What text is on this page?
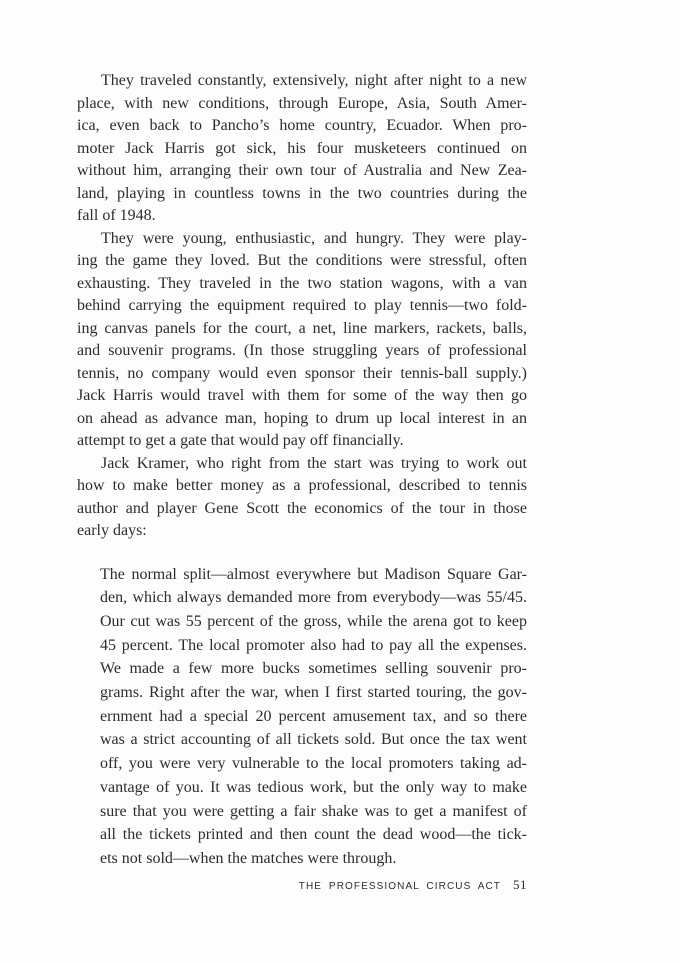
They traveled constantly, extensively, night after night to a new
place, with new conditions, through Europe, Asia, South Amer-
ica, even back to Pancho’s home country, Ecuador. When pro-
moter Jack Harris got sick, his four musketeers continued on
without him, arranging their own tour of Australia and New Zea-
land, playing in countless towns in the two countries during the
fall of 1948.
They were young, enthusiastic, and hungry. They were play-
ing the game they loved. But the conditions were stressful, often
exhausting. They traveled in the two station wagons, with a van
behind carrying the equipment required to play tennis—two fold-
ing canvas panels for the court, a net, line markers, rackets, balls,
and souvenir programs. (In those struggling years of professional
tennis, no company would even sponsor their tennis-ball supply.)
Jack Harris would travel with them for some of the way then go
on ahead as advance man, hoping to drum up local interest in an
attempt to get a gate that would pay off financially.
Jack Kramer, who right from the start was trying to work out
how to make better money as a professional, described to tennis
author and player Gene Scott the economics of the tour in those
early days:
The normal split—almost everywhere but Madison Square Gar-
den, which always demanded more from everybody—was 55/45.
Our cut was 55 percent of the gross, while the arena got to keep
45 percent. The local promoter also had to pay all the expenses.
We made a few more bucks sometimes selling souvenir pro-
grams. Right after the war, when I first started touring, the gov-
ernment had a special 20 percent amusement tax, and so there
was a strict accounting of all tickets sold. But once the tax went
off, you were very vulnerable to the local promoters taking ad-
vantage of you. It was tedious work, but the only way to make
sure that you were getting a fair shake was to get a manifest of
all the tickets printed and then count the dead wood—the tick-
ets not sold—when the matches were through.
THE PROFESSIONAL CIRCUS ACT 51
